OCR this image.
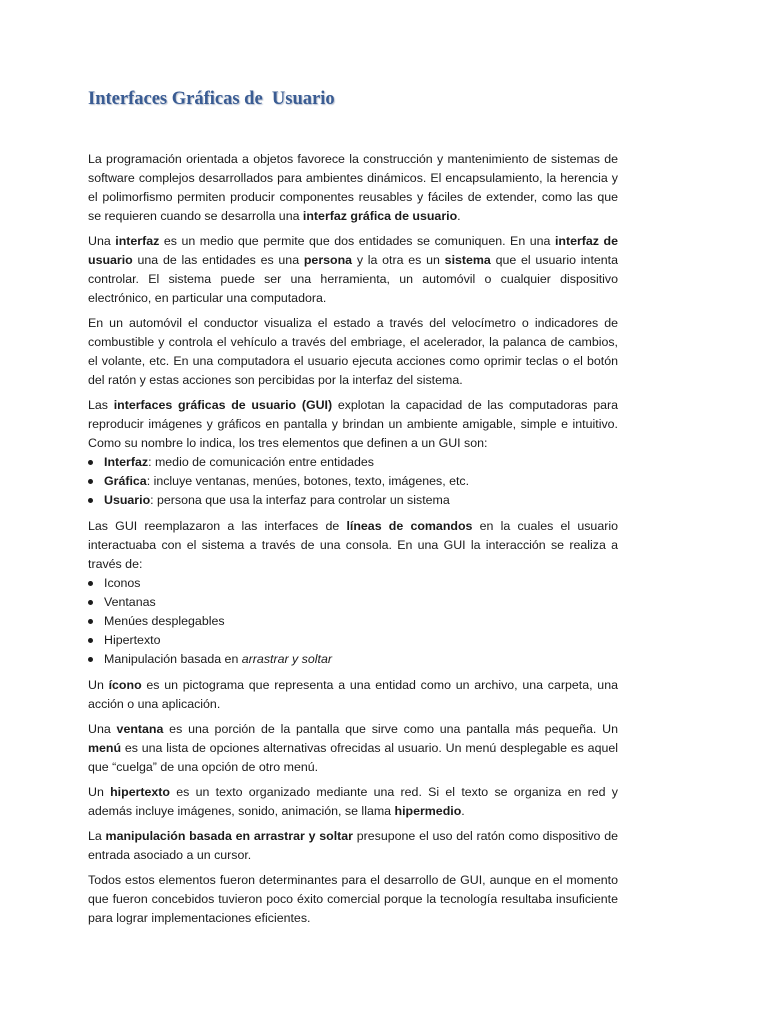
Interfaces Gráficas de  Usuario

La programación orientada a objetos favorece la construcción y mantenimiento de sistemas de software complejos desarrollados para ambientes dinámicos. El encapsulamiento, la herencia y el polimorfismo permiten producir componentes reusables y fáciles de extender, como las que se requieren cuando se desarrolla una interfaz gráfica de usuario.

Una interfaz es un medio que permite que dos entidades se comuniquen. En una interfaz de usuario una de las entidades es una persona y la otra es un sistema que el usuario intenta controlar. El sistema puede ser una herramienta, un automóvil o cualquier dispositivo electrónico, en particular una computadora.

En un automóvil el conductor visualiza el estado a través del velocímetro o indicadores de combustible y controla el vehículo a través del embriage, el acelerador, la palanca de cambios, el volante, etc. En una computadora el usuario ejecuta acciones como oprimir teclas o el botón del ratón y estas acciones son percibidas por la interfaz del sistema.

Las interfaces gráficas de usuario (GUI) explotan la capacidad de las computadoras para reproducir imágenes y gráficos en pantalla y brindan un ambiente amigable, simple e intuitivo. Como su nombre lo indica, los tres elementos que definen a un GUI son:

Interfaz: medio de comunicación entre entidades
Gráfica: incluye ventanas, menúes, botones, texto, imágenes, etc.
Usuario: persona que usa la interfaz para controlar un sistema

Las GUI reemplazaron a las interfaces de líneas de comandos en la cuales el usuario interactuaba con el sistema a través de una consola. En una GUI la interacción se realiza a través de:

Iconos
Ventanas
Menúes desplegables
Hipertexto
Manipulación basada en arrastrar y soltar

Un ícono es un pictograma que representa a una entidad como un archivo, una carpeta, una acción o una aplicación.

Una ventana es una porción de la pantalla que sirve como una pantalla más pequeña. Un menú es una lista de opciones alternativas ofrecidas al usuario. Un menú desplegable es aquel que “cuelga” de una opción de otro menú.

Un hipertexto es un texto organizado mediante una red. Si el texto se organiza en red y además incluye imágenes, sonido, animación, se llama hipermedio.

La manipulación basada en arrastrar y soltar presupone el uso del ratón como dispositivo de entrada asociado a un cursor.

Todos estos elementos fueron determinantes para el desarrollo de GUI, aunque en el momento que fueron concebidos tuvieron poco éxito comercial porque la tecnología resultaba insuficiente para lograr implementaciones eficientes.
